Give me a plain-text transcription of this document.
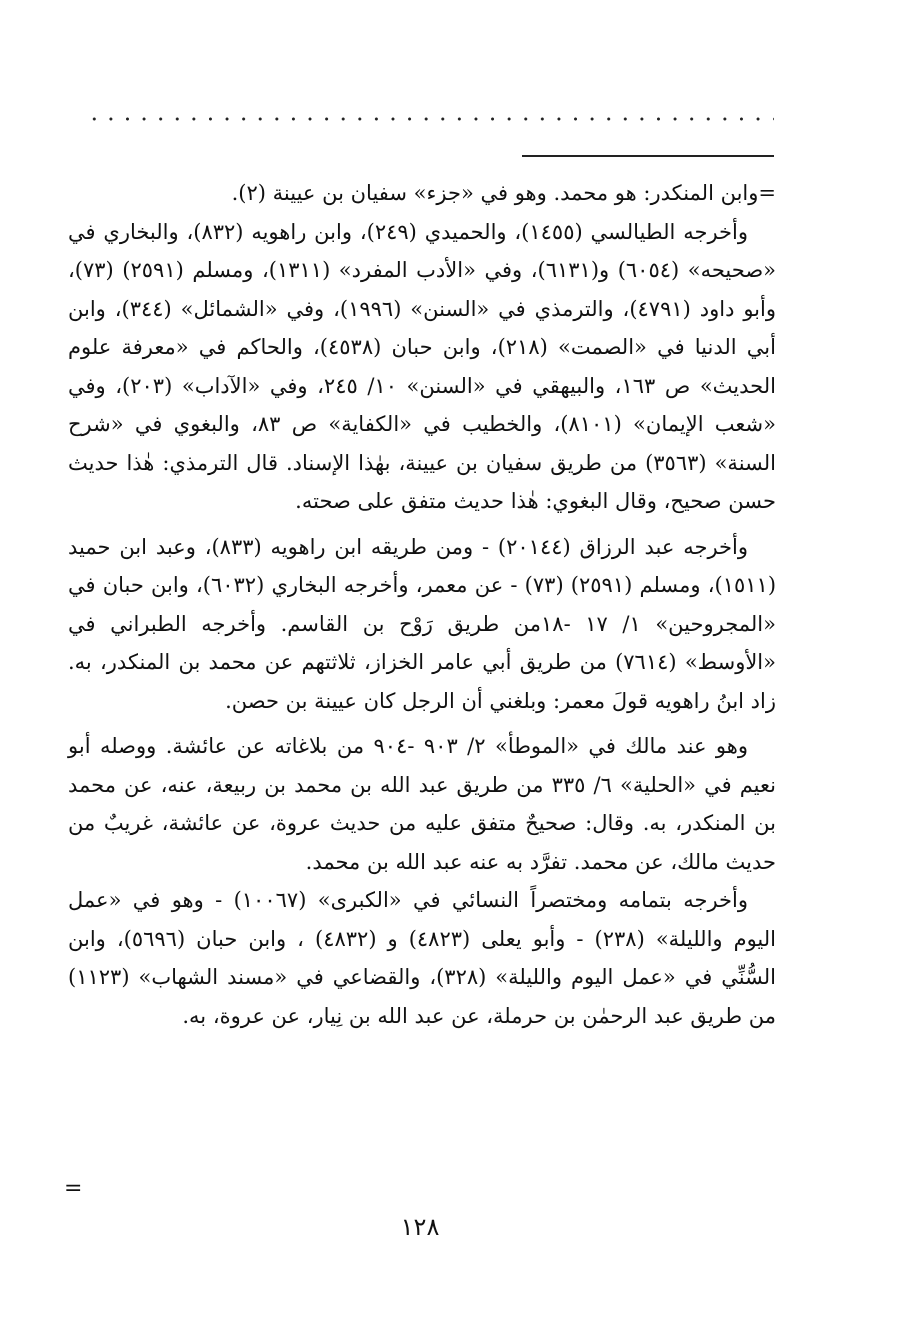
=وابن المنكدر: هو محمد. وهو في «جزء» سفيان بن عيينة (٢).

وأخرجه الطيالسي (١٤٥٥)، والحميدي (٢٤٩)، وابن راهويه (٨٣٢)، والبخاري في «صحيحه» (٦٠٥٤) و(٦١٣١)، وفي «الأدب المفرد» (١٣١١)، ومسلم (٢٥٩١) (٧٣)، وأبو داود (٤٧٩١)، والترمذي في «السنن» (١٩٩٦)، وفي «الشمائل» (٣٤٤)، وابن أبي الدنيا في «الصمت» (٢١٨)، وابن حبان (٤٥٣٨)، والحاكم في «معرفة علوم الحديث» ص ١٦٣، والبيهقي في «السنن» ١٠/ ٢٤٥، وفي «الآداب» (٢٠٣)، وفي «شعب الإيمان» (٨١٠١)، والخطيب في «الكفاية» ص ٨٣، والبغوي في «شرح السنة» (٣٥٦٣) من طريق سفيان بن عيينة، بهٰذا الإسناد. قال الترمذي: هٰذا حديث حسن صحيح، وقال البغوي: هٰذا حديث متفق على صحته.

وأخرجه عبد الرزاق (٢٠١٤٤) - ومن طريقه ابن راهويه (٨٣٣)، وعبد ابن حميد (١٥١١)، ومسلم (٢٥٩١) (٧٣) - عن معمر، وأخرجه البخاري (٦٠٣٢)، وابن حبان في «المجروحين» ١/ ١٧ -١٨من طريق رَوْح بن القاسم. وأخرجه الطبراني في «الأوسط» (٧٦١٤) من طريق أبي عامر الخزاز، ثلاثتهم عن محمد بن المنكدر، به. زاد ابنُ راهويه قولَ معمر: وبلغني أن الرجل كان عيينة بن حصن.

وهو عند مالك في «الموطأ» ٢/ ٩٠٣ -٩٠٤ من بلاغاته عن عائشة. ووصله أبو نعيم في «الحلية» ٦/ ٣٣٥ من طريق عبد الله بن محمد بن ربيعة، عنه، عن محمد بن المنكدر، به. وقال: صحيحٌ متفق عليه من حديث عروة، عن عائشة، غريبٌ من حديث مالك، عن محمد. تفرَّد به عنه عبد الله بن محمد.

وأخرجه بتمامه ومختصراً النسائي في «الكبرى» (١٠٠٦٧) - وهو في «عمل اليوم والليلة» (٢٣٨) - وأبو يعلى (٤٨٢٣) و (٤٨٣٢) ، وابن حبان (٥٦٩٦)، وابن السُّنِّي في «عمل اليوم والليلة» (٣٢٨)، والقضاعي في «مسند الشهاب» (١١٢٣) من طريق عبد الرحمٰن بن حرملة، عن عبد الله بن نِيار، عن عروة، به.

=
١٢٨
